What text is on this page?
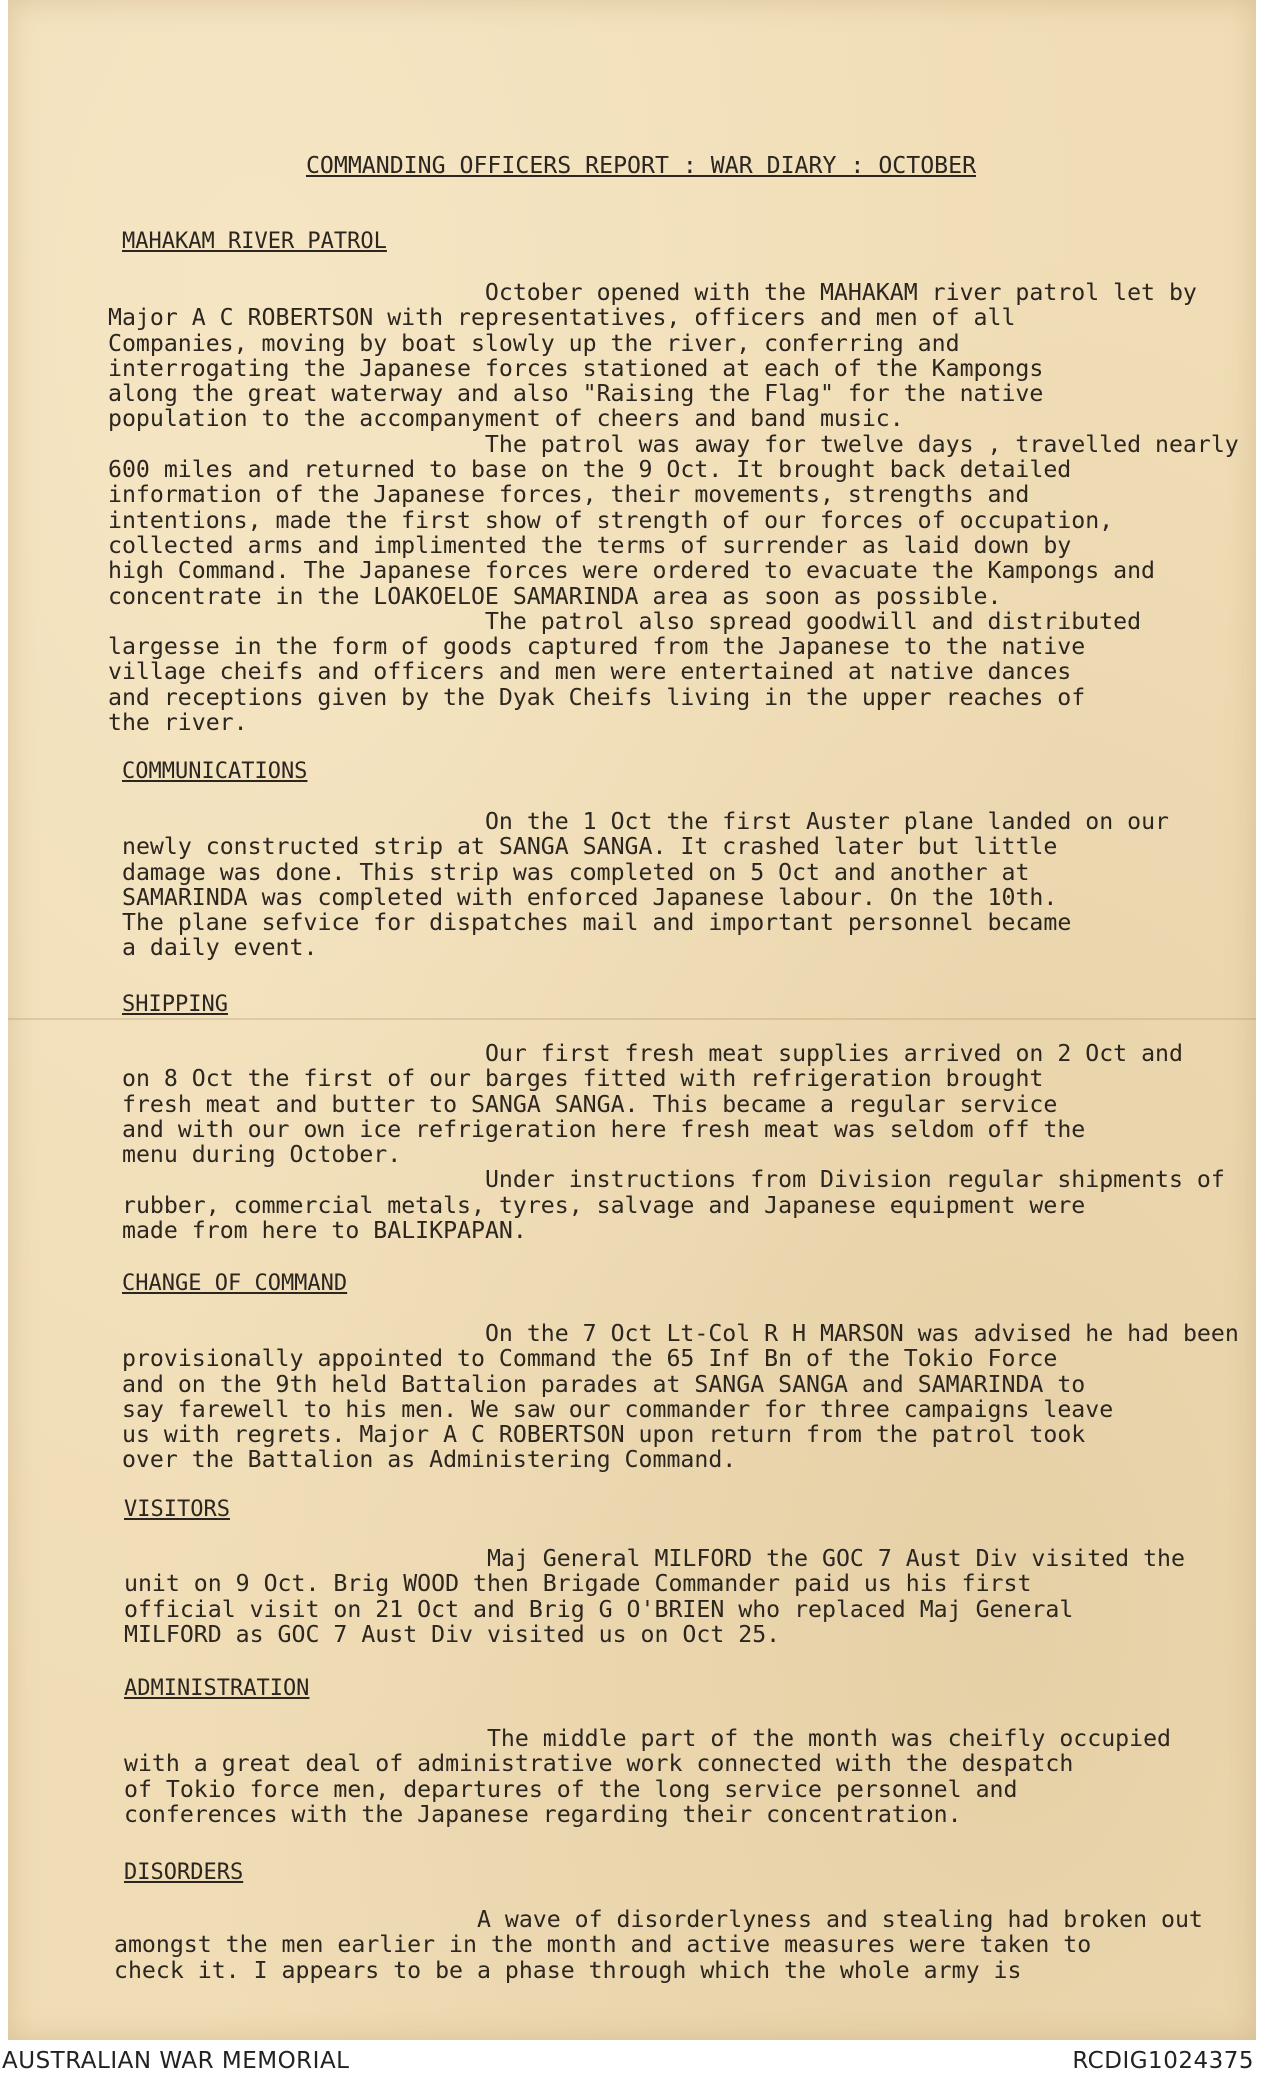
COMMANDING OFFICERS REPORT : WAR DIARY : OCTOBER
MAHAKAM RIVER PATROL
October opened with the MAHAKAM river patrol let by
Major A C ROBERTSON with representatives, officers and men of all
Companies, moving by boat slowly up the river, conferring and
interrogating the Japanese forces stationed at each of the Kampongs
along the great waterway and also "Raising the Flag" for the native
population to the accompanyment of cheers and band music.
The patrol was away for twelve days , travelled nearly
600 miles and returned to base on the 9 Oct. It brought back detailed
information of the Japanese forces, their movements, strengths and
intentions, made the first show of strength of our forces of occupation,
collected arms and implimented the terms of surrender as laid down by
high Command. The Japanese forces were ordered to evacuate the Kampongs and
concentrate in the LOAKOELOE SAMARINDA area as soon as possible.
The patrol also spread goodwill and distributed
largesse in the form of goods captured from the Japanese to the native
village cheifs and officers and men were entertained at native dances
and receptions given by the Dyak Cheifs living in the upper reaches of
the river.
COMMUNICATIONS
On the 1 Oct the first Auster plane landed on our
newly constructed strip at SANGA SANGA. It crashed later but little
damage was done. This strip was completed on 5 Oct and another at
SAMARINDA was completed with enforced Japanese labour. On the 10th.
The plane sefvice for dispatches mail and important personnel became
a daily event.
SHIPPING
Our first fresh meat supplies arrived on 2 Oct and
on 8 Oct the first of our barges fitted with refrigeration brought
fresh meat and butter to SANGA SANGA. This became a regular service
and with our own ice refrigeration here fresh meat was seldom off the
menu during October.
Under instructions from Division regular shipments of
rubber, commercial metals, tyres, salvage and Japanese equipment were
made from here to BALIKPAPAN.
CHANGE OF COMMAND
On the 7 Oct Lt-Col R H MARSON was advised he had been
provisionally appointed to Command the 65 Inf Bn of the Tokio Force
and on the 9th held Battalion parades at SANGA SANGA and SAMARINDA to
say farewell to his men. We saw our commander for three campaigns leave
us with regrets. Major A C ROBERTSON upon return from the patrol took
over the Battalion as Administering Command.
VISITORS
Maj General MILFORD the GOC 7 Aust Div visited the
unit on 9 Oct. Brig WOOD then Brigade Commander paid us his first
official visit on 21 Oct and Brig G O'BRIEN who replaced Maj General
MILFORD as GOC 7 Aust Div visited us on Oct 25.
ADMINISTRATION
The middle part of the month was cheifly occupied
with a great deal of administrative work connected with the despatch
of Tokio force men, departures of the long service personnel and
conferences with the Japanese regarding their concentration.
DISORDERS
A wave of disorderlyness and stealing had broken out
amongst the men earlier in the month and active measures were taken to
check it. I appears to be a phase through which the whole army is
AUSTRALIAN WAR MEMORIAL	RCDIG1024375
